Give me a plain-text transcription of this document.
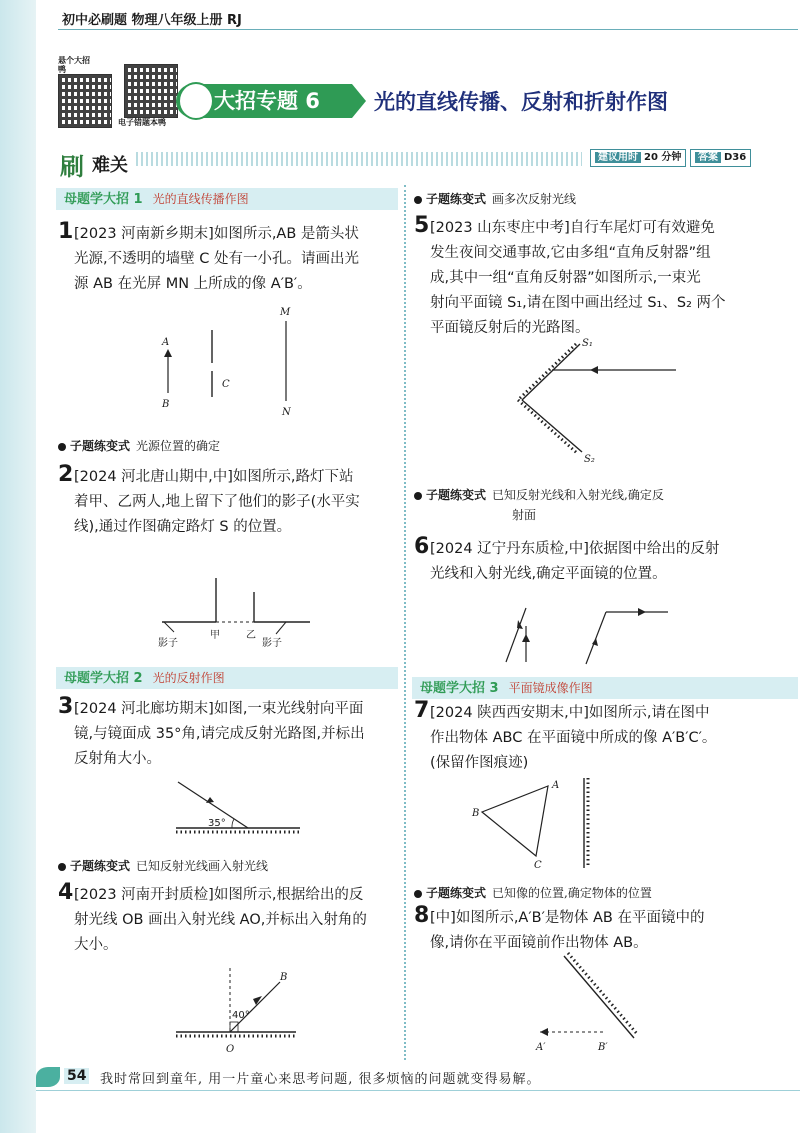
初中必刷题 物理八年级上册 RJ
悬个大招鸭
电子错题本鸭
大招专题 6	光的直线传播、反射和折射作图
刷 难关	建议用时 20 分钟	答案 D36
母题学大招 1 光的直线传播作图
1 [2023 河南新乡期末]如图所示,AB 是箭头状
光源,不透明的墙壁 C 处有一小孔。请画出光
源 AB 在光屏 MN 上所成的像 A′B′。
A
B
C
M
N
子题练变式 光源位置的确定
2 [2024 河北唐山期中,中]如图所示,路灯下站
着甲、乙两人,地上留下了他们的影子(水平实
线),通过作图确定路灯 S 的位置。
影子
甲	乙
影子
母题学大招 2 光的反射作图
3 [2024 河北廊坊期末]如图,一束光线射向平面
镜,与镜面成 35°角,请完成反射光路图,并标出
反射角大小。
35°
子题练变式 已知反射光线画入射光线
4 [2023 河南开封质检]如图所示,根据给出的反
射光线 OB 画出入射光线 AO,并标出入射角的
大小。
40°
B
O
子题练变式 画多次反射光线
5 [2023 山东枣庄中考]自行车尾灯可有效避免
发生夜间交通事故,它由多组“直角反射器”组
成,其中一组“直角反射器”如图所示,一束光
射向平面镜 S₁,请在图中画出经过 S₁、S₂ 两个
平面镜反射后的光路图。
S₁
S₂
子题练变式 已知反射光线和入射光线,确定反
射面
6 [2024 辽宁丹东质检,中]依据图中给出的反射
光线和入射光线,确定平面镜的位置。
母题学大招 3 平面镜成像作图
7 [2024 陕西西安期末,中]如图所示,请在图中
作出物体 ABC 在平面镜中所成的像 A′B′C′。
(保留作图痕迹)
A
B
C
子题练变式 已知像的位置,确定物体的位置
8 [中]如图所示,A′B′是物体 AB 在平面镜中的
像,请你在平面镜前作出物体 AB。
A′	B′
54 我时常回到童年, 用一片童心来思考问题, 很多烦恼的问题就变得易解。
